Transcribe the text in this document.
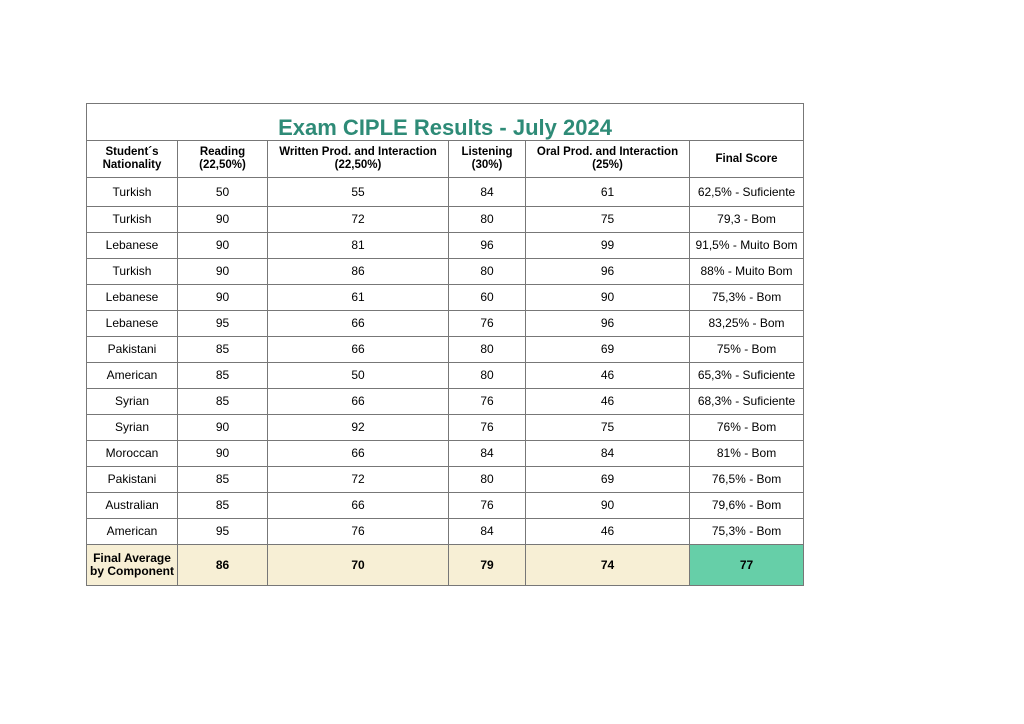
Exam CIPLE Results - July 2024					

Student´s Nationality	Reading (22,50%)	Written Prod. and Interaction (22,50%)	Listening (30%)	Oral Prod. and Interaction (25%)	Final Score
Turkish	50	55	84	61	62,5% - Suficiente
Turkish	90	72	80	75	79,3 - Bom
Lebanese	90	81	96	99	91,5% - Muito Bom
Turkish	90	86	80	96	88% - Muito Bom
Lebanese	90	61	60	90	75,3% - Bom
Lebanese	95	66	76	96	83,25% - Bom
Pakistani	85	66	80	69	75% - Bom
American	85	50	80	46	65,3% - Suficiente
Syrian	85	66	76	46	68,3% - Suficiente
Syrian	90	92	76	75	76% - Bom
Moroccan	90	66	84	84	81% - Bom
Pakistani	85	72	80	69	76,5% - Bom
Australian	85	66	76	90	79,6% - Bom
American	95	76	84	46	75,3% - Bom
Final Average by Component	86	70	79	74	77
